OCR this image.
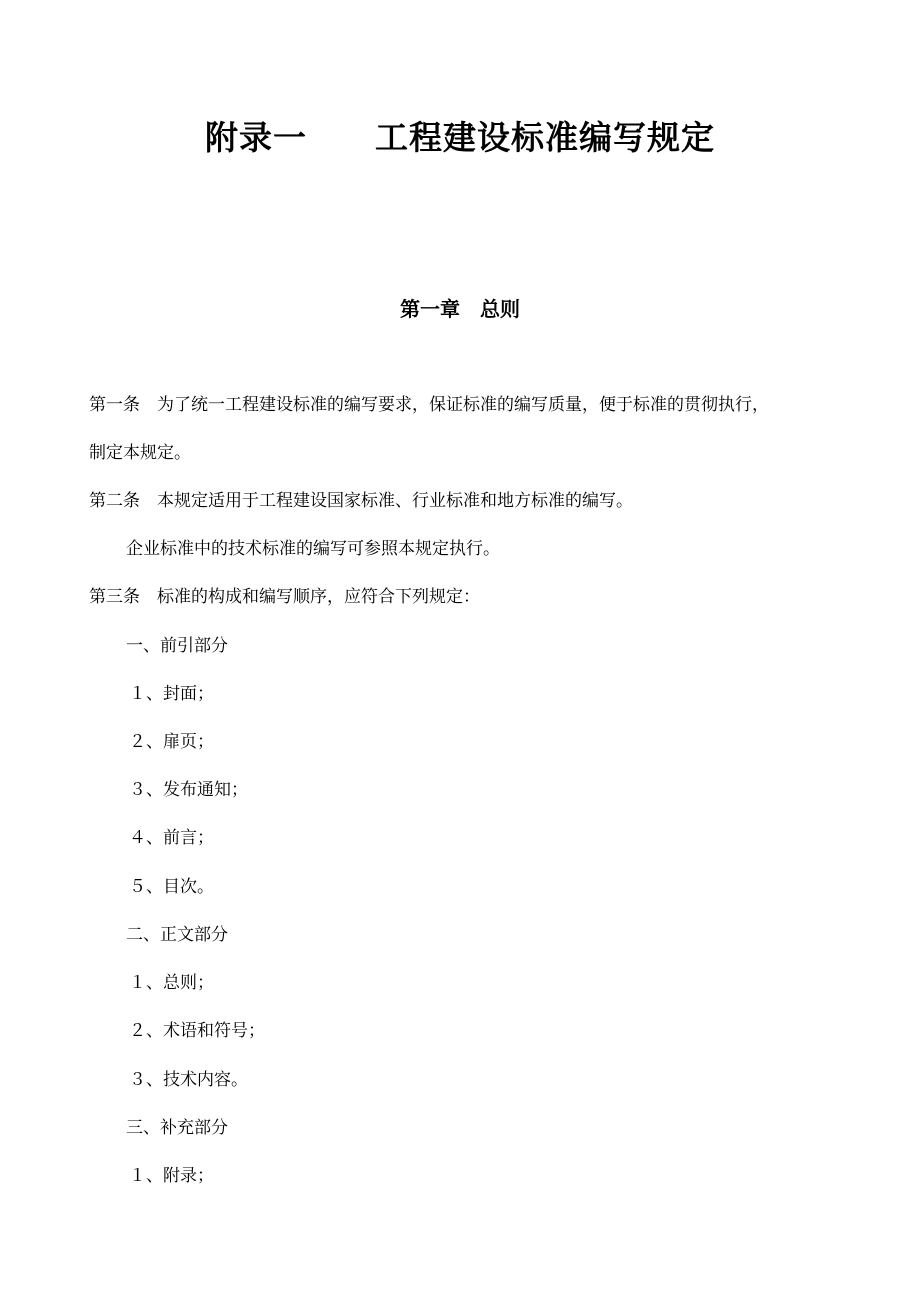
附录一　　工程建设标准编写规定
第一章　总则

第一条　为了统一工程建设标准的编写要求，保证标准的编写质量，便于标准的贯彻执行，

制定本规定。

第二条　本规定适用于工程建设国家标准、行业标准和地方标准的编写。

企业标准中的技术标准的编写可参照本规定执行。

第三条　标准的构成和编写顺序，应符合下列规定：

一、前引部分

１、封面；

２、扉页；

３、发布通知；

４、前言；

５、目次。

二、正文部分

１、总则；

２、术语和符号；

３、技术内容。

三、补充部分

１、附录；
